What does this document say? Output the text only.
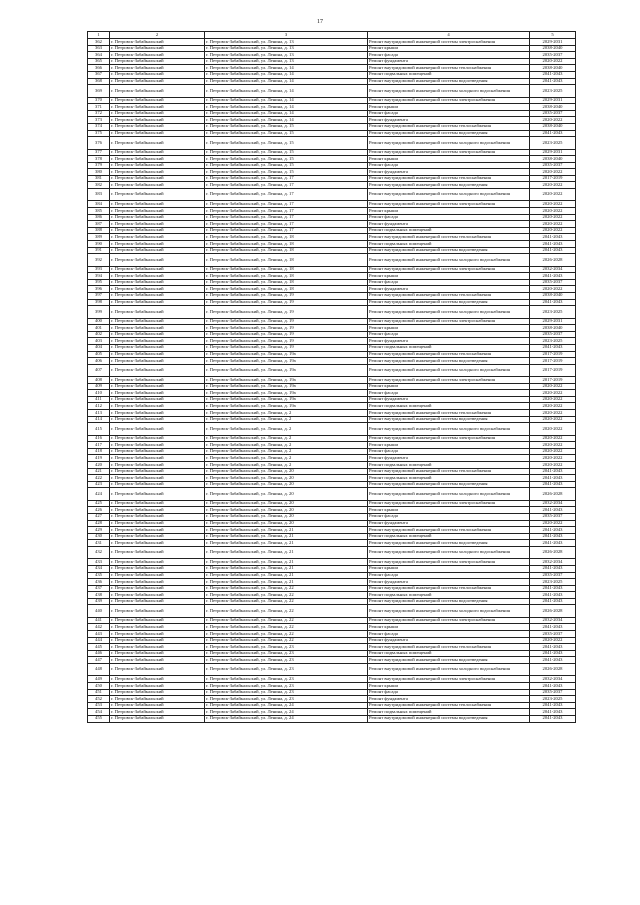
17
1	2	3	4	5
362	г. Петровск-Забайкальский	г. Петровск-Забайкальский, ул. Ленина, д. 13	Ремонт внутридомовой инженерной системы электроснабжения	2029-2031
363	г. Петровск-Забайкальский	г. Петровск-Забайкальский, ул. Ленина, д. 13	Ремонт крыши	2038-2040
364	г. Петровск-Забайкальский	г. Петровск-Забайкальский, ул. Ленина, д. 13	Ремонт фасада	2035-2037
365	г. Петровск-Забайкальский	г. Петровск-Забайкальский, ул. Ленина, д. 13	Ремонт фундамента	2020-2022
366	г. Петровск-Забайкальский	г. Петровск-Забайкальский, ул. Ленина, д. 14	Ремонт внутридомовой инженерной системы теплоснабжения	2038-2040
367	г. Петровск-Забайкальский	г. Петровск-Забайкальский, ул. Ленина, д. 14	Ремонт подвальных помещений	2041-2043
368	г. Петровск-Забайкальский	г. Петровск-Забайкальский, ул. Ленина, д. 14	Ремонт внутридомовой инженерной системы водоотведения	2041-2043
369	г. Петровск-Забайкальский	г. Петровск-Забайкальский, ул. Ленина, д. 14	Ремонт внутридомовой инженерной системы холодного водоснабжения	2023-2025
370	г. Петровск-Забайкальский	г. Петровск-Забайкальский, ул. Ленина, д. 14	Ремонт внутридомовой инженерной системы электроснабжения	2029-2031
371	г. Петровск-Забайкальский	г. Петровск-Забайкальский, ул. Ленина, д. 14	Ремонт крыши	2038-2040
372	г. Петровск-Забайкальский	г. Петровск-Забайкальский, ул. Ленина, д. 14	Ремонт фасада	2035-2037
373	г. Петровск-Забайкальский	г. Петровск-Забайкальский, ул. Ленина, д. 14	Ремонт фундамента	2020-2022
374	г. Петровск-Забайкальский	г. Петровск-Забайкальский, ул. Ленина, д. 15	Ремонт внутридомовой инженерной системы теплоснабжения	2038-2040
375	г. Петровск-Забайкальский	г. Петровск-Забайкальский, ул. Ленина, д. 15	Ремонт внутридомовой инженерной системы водоотведения	2041-2043
376	г. Петровск-Забайкальский	г. Петровск-Забайкальский, ул. Ленина, д. 15	Ремонт внутридомовой инженерной системы холодного водоснабжения	2023-2025
377	г. Петровск-Забайкальский	г. Петровск-Забайкальский, ул. Ленина, д. 15	Ремонт внутридомовой инженерной системы электроснабжения	2029-2031
378	г. Петровск-Забайкальский	г. Петровск-Забайкальский, ул. Ленина, д. 15	Ремонт крыши	2038-2040
379	г. Петровск-Забайкальский	г. Петровск-Забайкальский, ул. Ленина, д. 15	Ремонт фасада	2035-2037
380	г. Петровск-Забайкальский	г. Петровск-Забайкальский, ул. Ленина, д. 15	Ремонт фундамента	2020-2022
381	г. Петровск-Забайкальский	г. Петровск-Забайкальский, ул. Ленина, д. 17	Ремонт внутридомовой инженерной системы теплоснабжения	2017-2019
382	г. Петровск-Забайкальский	г. Петровск-Забайкальский, ул. Ленина, д. 17	Ремонт внутридомовой инженерной системы водоотведения	2020-2022
383	г. Петровск-Забайкальский	г. Петровск-Забайкальский, ул. Ленина, д. 17	Ремонт внутридомовой инженерной системы холодного водоснабжения	2020-2022
384	г. Петровск-Забайкальский	г. Петровск-Забайкальский, ул. Ленина, д. 17	Ремонт внутридомовой инженерной системы электроснабжения	2020-2022
385	г. Петровск-Забайкальский	г. Петровск-Забайкальский, ул. Ленина, д. 17	Ремонт крыши	2020-2022
386	г. Петровск-Забайкальский	г. Петровск-Забайкальский, ул. Ленина, д. 17	Ремонт фасада	2020-2022
387	г. Петровск-Забайкальский	г. Петровск-Забайкальский, ул. Ленина, д. 17	Ремонт фундамента	2020-2022
388	г. Петровск-Забайкальский	г. Петровск-Забайкальский, ул. Ленина, д. 17	Ремонт подвальных помещений	2020-2022
389	г. Петровск-Забайкальский	г. Петровск-Забайкальский, ул. Ленина, д. 18	Ремонт внутридомовой инженерной системы теплоснабжения	2041-2043
390	г. Петровск-Забайкальский	г. Петровск-Забайкальский, ул. Ленина, д. 18	Ремонт подвальных помещений	2041-2043
391	г. Петровск-Забайкальский	г. Петровск-Забайкальский, ул. Ленина, д. 18	Ремонт внутридомовой инженерной системы водоотведения	2041-2043
392	г. Петровск-Забайкальский	г. Петровск-Забайкальский, ул. Ленина, д. 18	Ремонт внутридомовой инженерной системы холодного водоснабжения	2026-2028
393	г. Петровск-Забайкальский	г. Петровск-Забайкальский, ул. Ленина, д. 18	Ремонт внутридомовой инженерной системы электроснабжения	2032-2034
394	г. Петровск-Забайкальский	г. Петровск-Забайкальский, ул. Ленина, д. 18	Ремонт крыши	2041-2043
395	г. Петровск-Забайкальский	г. Петровск-Забайкальский, ул. Ленина, д. 18	Ремонт фасада	2035-2037
396	г. Петровск-Забайкальский	г. Петровск-Забайкальский, ул. Ленина, д. 18	Ремонт фундамента	2020-2022
397	г. Петровск-Забайкальский	г. Петровск-Забайкальский, ул. Ленина, д. 19	Ремонт внутридомовой инженерной системы теплоснабжения	2038-2040
398	г. Петровск-Забайкальский	г. Петровск-Забайкальский, ул. Ленина, д. 19	Ремонт внутридомовой инженерной системы водоотведения	2041-2043
399	г. Петровск-Забайкальский	г. Петровск-Забайкальский, ул. Ленина, д. 19	Ремонт внутридомовой инженерной системы холодного водоснабжения	2023-2025
400	г. Петровск-Забайкальский	г. Петровск-Забайкальский, ул. Ленина, д. 19	Ремонт внутридомовой инженерной системы электроснабжения	2029-2031
401	г. Петровск-Забайкальский	г. Петровск-Забайкальский, ул. Ленина, д. 19	Ремонт крыши	2038-2040
402	г. Петровск-Забайкальский	г. Петровск-Забайкальский, ул. Ленина, д. 19	Ремонт фасада	2035-2037
403	г. Петровск-Забайкальский	г. Петровск-Забайкальский, ул. Ленина, д. 19	Ремонт фундамента	2023-2025
404	г. Петровск-Забайкальский	г. Петровск-Забайкальский, ул. Ленина, д. 19	Ремонт подвальных помещений	2041-2043
405	г. Петровск-Забайкальский	г. Петровск-Забайкальский, ул. Ленина, д. 19а	Ремонт внутридомовой инженерной системы теплоснабжения	2017-2019
406	г. Петровск-Забайкальский	г. Петровск-Забайкальский, ул. Ленина, д. 19а	Ремонт внутридомовой инженерной системы водоотведения	2017-2019
407	г. Петровск-Забайкальский	г. Петровск-Забайкальский, ул. Ленина, д. 19а	Ремонт внутридомовой инженерной системы холодного водоснабжения	2017-2019
408	г. Петровск-Забайкальский	г. Петровск-Забайкальский, ул. Ленина, д. 19а	Ремонт внутридомовой инженерной системы электроснабжения	2017-2019
409	г. Петровск-Забайкальский	г. Петровск-Забайкальский, ул. Ленина, д. 19а	Ремонт крыши	2020-2022
410	г. Петровск-Забайкальский	г. Петровск-Забайкальский, ул. Ленина, д. 19а	Ремонт фасада	2020-2022
411	г. Петровск-Забайкальский	г. Петровск-Забайкальский, ул. Ленина, д. 19а	Ремонт фундамента	2020-2022
412	г. Петровск-Забайкальский	г. Петровск-Забайкальский, ул. Ленина, д. 19а	Ремонт подвальных помещений	2020-2022
413	г. Петровск-Забайкальский	г. Петровск-Забайкальский, ул. Ленина, д. 2	Ремонт внутридомовой инженерной системы теплоснабжения	2020-2022
414	г. Петровск-Забайкальский	г. Петровск-Забайкальский, ул. Ленина, д. 2	Ремонт внутридомовой инженерной системы водоотведения	2020-2022
415	г. Петровск-Забайкальский	г. Петровск-Забайкальский, ул. Ленина, д. 2	Ремонт внутридомовой инженерной системы холодного водоснабжения	2020-2022
416	г. Петровск-Забайкальский	г. Петровск-Забайкальский, ул. Ленина, д. 2	Ремонт внутридомовой инженерной системы электроснабжения	2020-2022
417	г. Петровск-Забайкальский	г. Петровск-Забайкальский, ул. Ленина, д. 2	Ремонт крыши	2020-2022
418	г. Петровск-Забайкальский	г. Петровск-Забайкальский, ул. Ленина, д. 2	Ремонт фасада	2020-2022
419	г. Петровск-Забайкальский	г. Петровск-Забайкальский, ул. Ленина, д. 2	Ремонт фундамента	2020-2022
420	г. Петровск-Забайкальский	г. Петровск-Забайкальский, ул. Ленина, д. 2	Ремонт подвальных помещений	2020-2022
421	г. Петровск-Забайкальский	г. Петровск-Забайкальский, ул. Ленина, д. 20	Ремонт внутридомовой инженерной системы теплоснабжения	2041-2043
422	г. Петровск-Забайкальский	г. Петровск-Забайкальский, ул. Ленина, д. 20	Ремонт подвальных помещений	2041-2043
423	г. Петровск-Забайкальский	г. Петровск-Забайкальский, ул. Ленина, д. 20	Ремонт внутридомовой инженерной системы водоотведения	2041-2043
424	г. Петровск-Забайкальский	г. Петровск-Забайкальский, ул. Ленина, д. 20	Ремонт внутридомовой инженерной системы холодного водоснабжения	2026-2028
425	г. Петровск-Забайкальский	г. Петровск-Забайкальский, ул. Ленина, д. 20	Ремонт внутридомовой инженерной системы электроснабжения	2032-2034
426	г. Петровск-Забайкальский	г. Петровск-Забайкальский, ул. Ленина, д. 20	Ремонт крыши	2041-2043
427	г. Петровск-Забайкальский	г. Петровск-Забайкальский, ул. Ленина, д. 20	Ремонт фасада	2035-2037
428	г. Петровск-Забайкальский	г. Петровск-Забайкальский, ул. Ленина, д. 20	Ремонт фундамента	2020-2022
429	г. Петровск-Забайкальский	г. Петровск-Забайкальский, ул. Ленина, д. 21	Ремонт внутридомовой инженерной системы теплоснабжения	2041-2043
430	г. Петровск-Забайкальский	г. Петровск-Забайкальский, ул. Ленина, д. 21	Ремонт подвальных помещений	2041-2043
431	г. Петровск-Забайкальский	г. Петровск-Забайкальский, ул. Ленина, д. 21	Ремонт внутридомовой инженерной системы водоотведения	2041-2043
432	г. Петровск-Забайкальский	г. Петровск-Забайкальский, ул. Ленина, д. 21	Ремонт внутридомовой инженерной системы холодного водоснабжения	2026-2028
433	г. Петровск-Забайкальский	г. Петровск-Забайкальский, ул. Ленина, д. 21	Ремонт внутридомовой инженерной системы электроснабжения	2032-2034
434	г. Петровск-Забайкальский	г. Петровск-Забайкальский, ул. Ленина, д. 21	Ремонт крыши	2041-2043
435	г. Петровск-Забайкальский	г. Петровск-Забайкальский, ул. Ленина, д. 21	Ремонт фасада	2035-2037
436	г. Петровск-Забайкальский	г. Петровск-Забайкальский, ул. Ленина, д. 21	Ремонт фундамента	2023-2025
437	г. Петровск-Забайкальский	г. Петровск-Забайкальский, ул. Ленина, д. 22	Ремонт внутридомовой инженерной системы теплоснабжения	2041-2043
438	г. Петровск-Забайкальский	г. Петровск-Забайкальский, ул. Ленина, д. 22	Ремонт подвальных помещений	2041-2043
439	г. Петровск-Забайкальский	г. Петровск-Забайкальский, ул. Ленина, д. 22	Ремонт внутридомовой инженерной системы водоотведения	2041-2043
440	г. Петровск-Забайкальский	г. Петровск-Забайкальский, ул. Ленина, д. 22	Ремонт внутридомовой инженерной системы холодного водоснабжения	2026-2028
441	г. Петровск-Забайкальский	г. Петровск-Забайкальский, ул. Ленина, д. 22	Ремонт внутридомовой инженерной системы электроснабжения	2032-2034
442	г. Петровск-Забайкальский	г. Петровск-Забайкальский, ул. Ленина, д. 22	Ремонт крыши	2041-2043
443	г. Петровск-Забайкальский	г. Петровск-Забайкальский, ул. Ленина, д. 22	Ремонт фасада	2035-2037
444	г. Петровск-Забайкальский	г. Петровск-Забайкальский, ул. Ленина, д. 22	Ремонт фундамента	2020-2022
445	г. Петровск-Забайкальский	г. Петровск-Забайкальский, ул. Ленина, д. 23	Ремонт внутридомовой инженерной системы теплоснабжения	2041-2043
446	г. Петровск-Забайкальский	г. Петровск-Забайкальский, ул. Ленина, д. 23	Ремонт подвальных помещений	2041-2043
447	г. Петровск-Забайкальский	г. Петровск-Забайкальский, ул. Ленина, д. 23	Ремонт внутридомовой инженерной системы водоотведения	2041-2043
448	г. Петровск-Забайкальский	г. Петровск-Забайкальский, ул. Ленина, д. 23	Ремонт внутридомовой инженерной системы холодного водоснабжения	2026-2028
449	г. Петровск-Забайкальский	г. Петровск-Забайкальский, ул. Ленина, д. 23	Ремонт внутридомовой инженерной системы электроснабжения	2032-2034
450	г. Петровск-Забайкальский	г. Петровск-Забайкальский, ул. Ленина, д. 23	Ремонт крыши	2041-2043
451	г. Петровск-Забайкальский	г. Петровск-Забайкальский, ул. Ленина, д. 23	Ремонт фасада	2035-2037
452	г. Петровск-Забайкальский	г. Петровск-Забайкальский, ул. Ленина, д. 23	Ремонт фундамента	2023-2025
453	г. Петровск-Забайкальский	г. Петровск-Забайкальский, ул. Ленина, д. 24	Ремонт внутридомовой инженерной системы теплоснабжения	2041-2043
454	г. Петровск-Забайкальский	г. Петровск-Забайкальский, ул. Ленина, д. 24	Ремонт подвальных помещений	2041-2043
455	г. Петровск-Забайкальский	г. Петровск-Забайкальский, ул. Ленина, д. 24	Ремонт внутридомовой инженерной системы водоотведения	2041-2043
